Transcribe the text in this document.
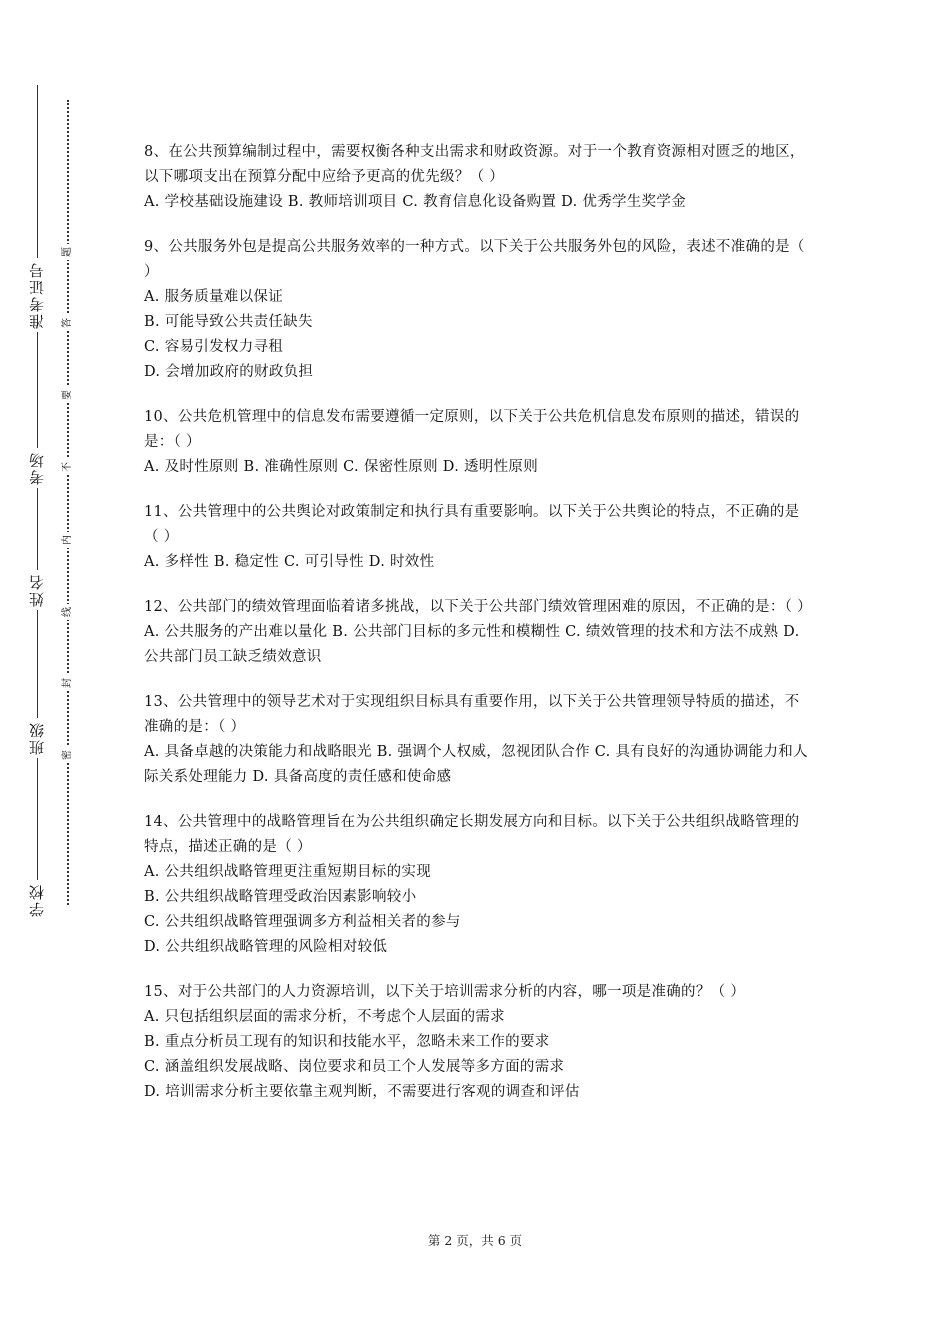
准考证号
考场
姓名
班级
学校
题
答
要
不
内
线
封
密
8、在公共预算编制过程中，需要权衡各种支出需求和财政资源。对于一个教育资源相对匮乏的地区，以下哪项支出在预算分配中应给予更高的优先级？（ ）
A. 学校基础设施建设 B. 教师培训项目 C. 教育信息化设备购置 D. 优秀学生奖学金
9、公共服务外包是提高公共服务效率的一种方式。以下关于公共服务外包的风险，表述不准确的是（ ）
A. 服务质量难以保证
B. 可能导致公共责任缺失
C. 容易引发权力寻租
D. 会增加政府的财政负担
10、公共危机管理中的信息发布需要遵循一定原则，以下关于公共危机信息发布原则的描述，错误的是：（ ）
A. 及时性原则 B. 准确性原则 C. 保密性原则 D. 透明性原则
11、公共管理中的公共舆论对政策制定和执行具有重要影响。以下关于公共舆论的特点，不正确的是（ ）
A. 多样性 B. 稳定性 C. 可引导性 D. 时效性
12、公共部门的绩效管理面临着诸多挑战，以下关于公共部门绩效管理困难的原因，不正确的是：（ ）
A. 公共服务的产出难以量化 B. 公共部门目标的多元性和模糊性 C. 绩效管理的技术和方法不成熟 D. 公共部门员工缺乏绩效意识
13、公共管理中的领导艺术对于实现组织目标具有重要作用，以下关于公共管理领导特质的描述，不准确的是：（ ）
A. 具备卓越的决策能力和战略眼光 B. 强调个人权威，忽视团队合作 C. 具有良好的沟通协调能力和人际关系处理能力 D. 具备高度的责任感和使命感
14、公共管理中的战略管理旨在为公共组织确定长期发展方向和目标。以下关于公共组织战略管理的特点，描述正确的是（ ）
A. 公共组织战略管理更注重短期目标的实现
B. 公共组织战略管理受政治因素影响较小
C. 公共组织战略管理强调多方利益相关者的参与
D. 公共组织战略管理的风险相对较低
15、对于公共部门的人力资源培训，以下关于培训需求分析的内容，哪一项是准确的？（ ）
A. 只包括组织层面的需求分析，不考虑个人层面的需求
B. 重点分析员工现有的知识和技能水平，忽略未来工作的要求
C. 涵盖组织发展战略、岗位要求和员工个人发展等多方面的需求
D. 培训需求分析主要依靠主观判断，不需要进行客观的调查和评估
第 2 页，共 6 页
